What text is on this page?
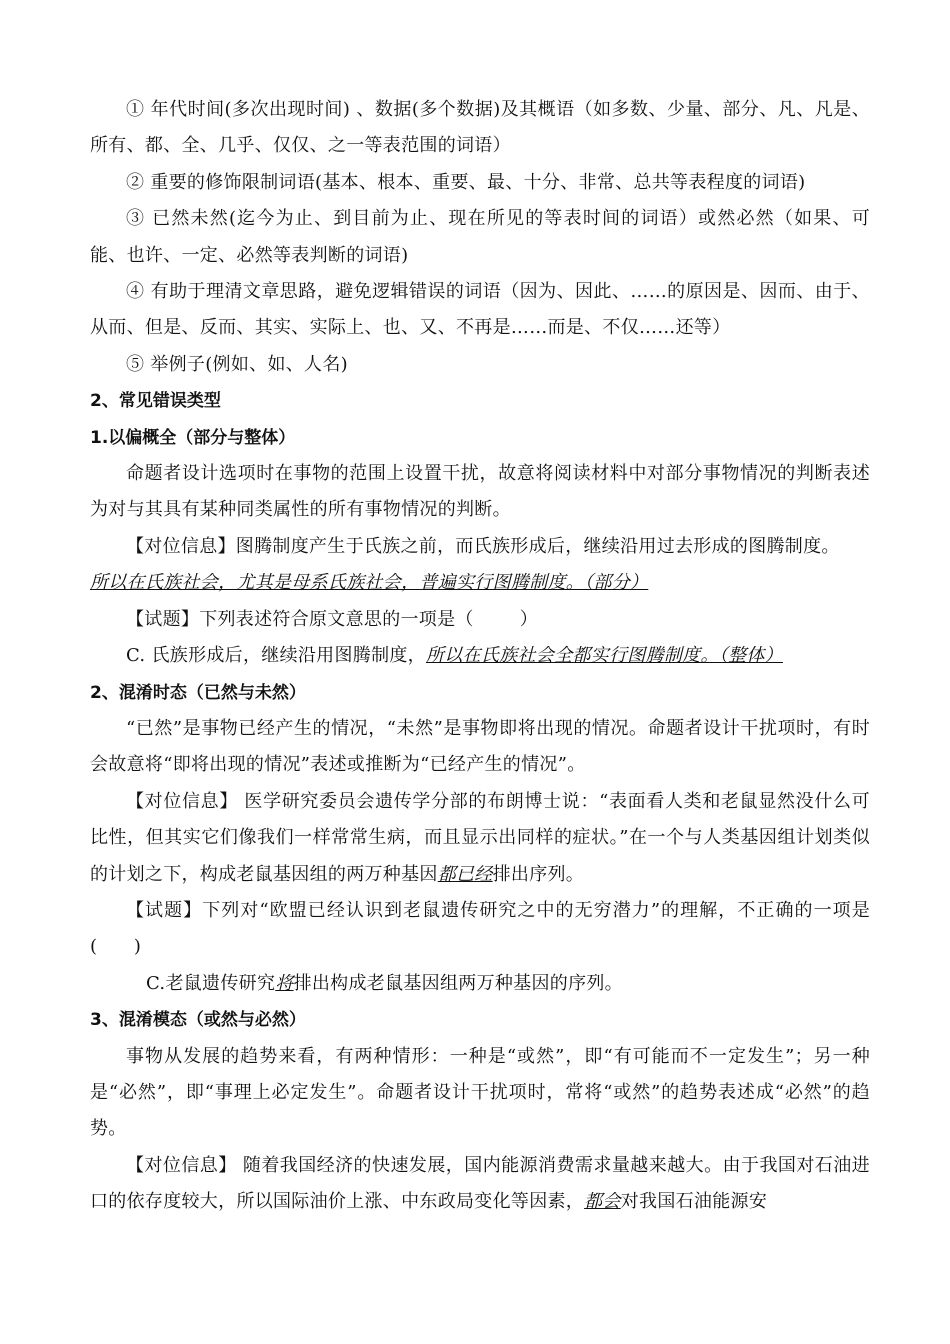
① 年代时间(多次出现时间) 、数据(多个数据)及其概语（如多数、少量、部分、凡、凡是、所有、都、全、几乎、仅仅、之一等表范围的词语）

② 重要的修饰限制词语(基本、根本、重要、最、十分、非常、总共等表程度的词语)

③ 已然未然(迄今为止、到目前为止、现在所见的等表时间的词语）或然必然（如果、可能、也许、一定、必然等表判断的词语)

④ 有助于理清文章思路，避免逻辑错误的词语（因为、因此、……的原因是、因而、由于、从而、但是、反而、其实、实际上、也、又、不再是……而是、不仅……还等）

⑤ 举例子(例如、如、人名)

2、常见错误类型

1.以偏概全（部分与整体）

命题者设计选项时在事物的范围上设置干扰，故意将阅读材料中对部分事物情况的判断表述为对与其具有某种同类属性的所有事物情况的判断。

【对位信息】图腾制度产生于氏族之前，而氏族形成后，继续沿用过去形成的图腾制度。

所以在氏族社会，尤其是母系氏族社会，普遍实行图腾制度。（部分）

【试题】下列表述符合原文意思的一项是（	）

C. 氏族形成后，继续沿用图腾制度，所以在氏族社会全都实行图腾制度。（整体）

2、混淆时态（已然与未然）

“已然”是事物已经产生的情况，“未然”是事物即将出现的情况。命题者设计干扰项时，有时会故意将“即将出现的情况”表述或推断为“已经产生的情况”。

【对位信息】 医学研究委员会遗传学分部的布朗博士说：“表面看人类和老鼠显然没什么可比性，但其实它们像我们一样常常生病，而且显示出同样的症状。”在一个与人类基因组计划类似的计划之下，构成老鼠基因组的两万种基因都已经排出序列。

【试题】下列对“欧盟已经认识到老鼠遗传研究之中的无穷潜力”的理解，不正确的一项是(　　)

C.老鼠遗传研究将排出构成老鼠基因组两万种基因的序列。

3、混淆模态（或然与必然）

事物从发展的趋势来看，有两种情形：一种是“或然”，即“有可能而不一定发生”；另一种是“必然”，即“事理上必定发生”。命题者设计干扰项时，常将“或然”的趋势表述成“必然”的趋势。

【对位信息】 随着我国经济的快速发展，国内能源消费需求量越来越大。由于我国对石油进口的依存度较大，所以国际油价上涨、中东政局变化等因素，都会对我国石油能源安
